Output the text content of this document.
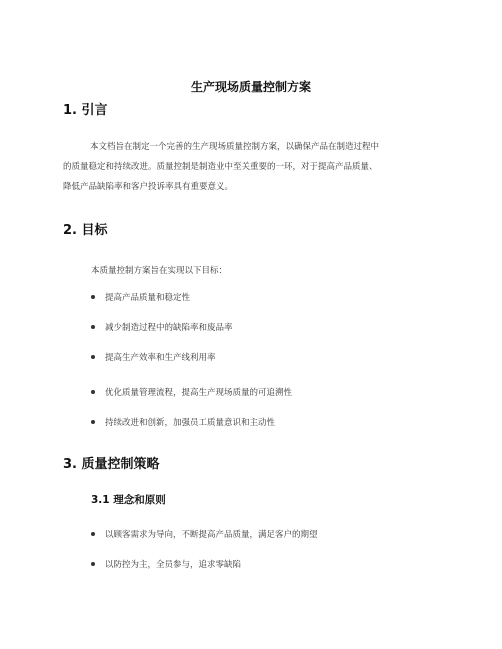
生产现场质量控制方案
1. 引言
本文档旨在制定一个完善的生产现场质量控制方案，以确保产品在制造过程中
的质量稳定和持续改进。质量控制是制造业中至关重要的一环，对于提高产品质量、
降低产品缺陷率和客户投诉率具有重要意义。
2. 目标
本质量控制方案旨在实现以下目标：
提高产品质量和稳定性
减少制造过程中的缺陷率和废品率
提高生产效率和生产线利用率
优化质量管理流程，提高生产现场质量的可追溯性
持续改进和创新，加强员工质量意识和主动性
3. 质量控制策略
3.1 理念和原则
以顾客需求为导向，不断提高产品质量，满足客户的期望
以防控为主，全员参与，追求零缺陷
